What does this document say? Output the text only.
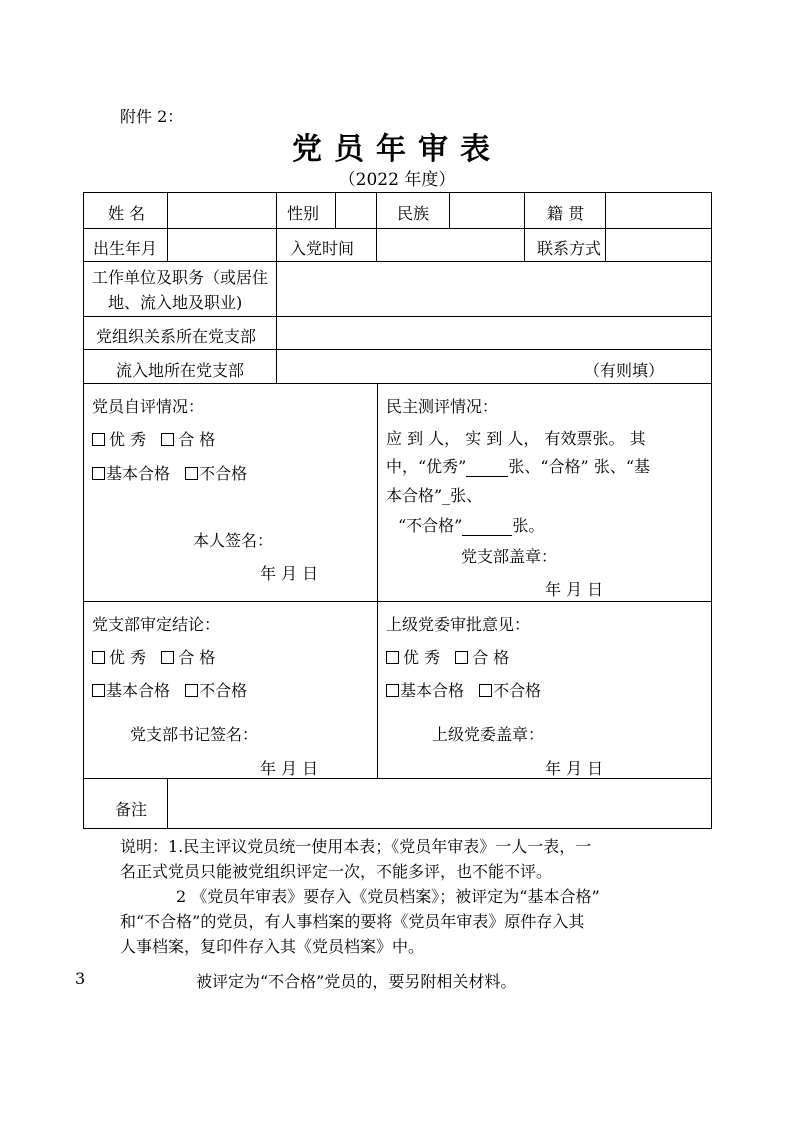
附件 2：
党员年审表
（2022 年度）
姓 名	性别	民族	籍 贯
出生年月	入党时间	联系方式
工作单位及职务（或居住
地、流入地及职业)
党组织关系所在党支部
流入地所在党支部	（有则填）
党员自评情况：
优 秀 合 格
基本合格 不合格
本人签名：
年 月 日
民主测评情况：
应 到 人， 实 到 人， 有效票张。 其
中，“优秀”	张、“合格” 张、“基
本合格”_张、
“不合格”	张。
党支部盖章：
年 月 日
党支部审定结论：
优 秀 合 格
基本合格 不合格
党支部书记签名：
年 月 日
上级党委审批意见：
优 秀 合 格
基本合格 不合格
上级党委盖章：
年 月 日
备注
说明：1.民主评议党员统一使用本表；《党员年审表》一人一表，一
名正式党员只能被党组织评定一次，不能多评，也不能不评。
2 《党员年审表》要存入《党员档案》；被评定为“基本合格”
和“不合格”的党员，有人事档案的要将《党员年审表》原件存入其
人事档案，复印件存入其《党员档案》中。
3	被评定为“不合格”党员的，要另附相关材料。
